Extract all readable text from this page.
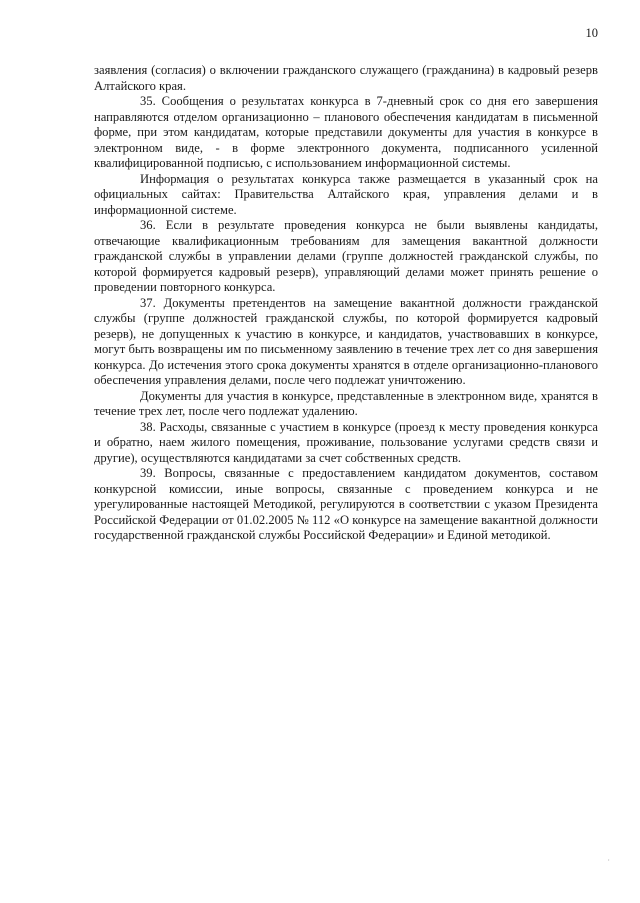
10

заявления (согласия) о включении гражданского служащего (гражданина) в кадровый резерв Алтайского края.

35. Сообщения о результатах конкурса в 7-дневный срок со дня его завершения направляются отделом организационно – планового обеспечения кандидатам в письменной форме, при этом кандидатам, которые представили документы для участия в конкурсе в электронном виде, - в форме электронного документа, подписанного усиленной квалифицированной подписью, с использованием информационной системы.

Информация о результатах конкурса также размещается в указанный срок на официальных сайтах: Правительства Алтайского края, управления делами и в информационной системе.

36. Если в результате проведения конкурса не были выявлены кандидаты, отвечающие квалификационным требованиям для замещения вакантной должности гражданской службы в управлении делами (группе должностей гражданской службы, по которой формируется кадровый резерв), управляющий делами может принять решение о проведении повторного конкурса.

37. Документы претендентов на замещение вакантной должности гражданской службы (группе должностей гражданской службы, по которой формируется кадровый резерв), не допущенных к участию в конкурсе, и кандидатов, участвовавших в конкурсе, могут быть возвращены им по письменному заявлению в течение трех лет со дня завершения конкурса. До истечения этого срока документы хранятся в отделе организационно-планового обеспечения управления делами, после чего подлежат уничтожению.

Документы для участия в конкурсе, представленные в электронном виде, хранятся в течение трех лет, после чего подлежат удалению.

38. Расходы, связанные с участием в конкурсе (проезд к месту проведения конкурса и обратно, наем жилого помещения, проживание, пользование услугами средств связи и другие), осуществляются кандидатами за счет собственных средств.

39. Вопросы, связанные с предоставлением кандидатом документов, составом конкурсной комиссии, иные вопросы, связанные с проведением конкурса и не урегулированные настоящей Методикой, регулируются в соответствии с указом Президента Российской Федерации от 01.02.2005 № 112 «О конкурсе на замещение вакантной должности государственной гражданской службы Российской Федерации» и Единой методикой.

·
